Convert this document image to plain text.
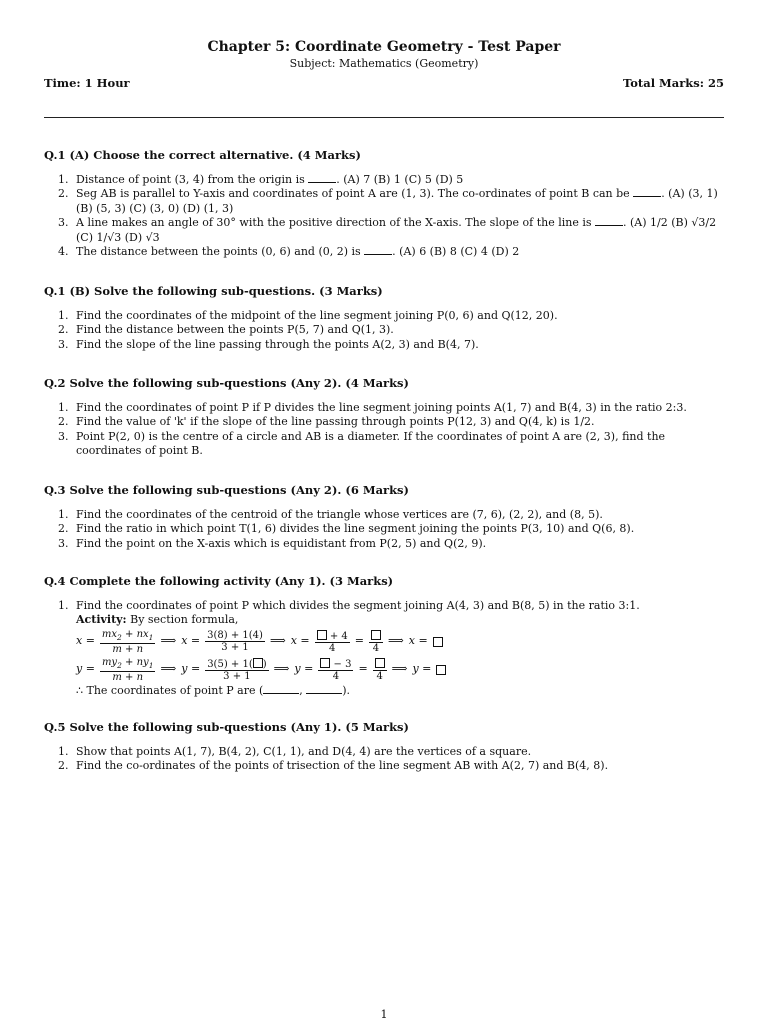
Chapter 5: Coordinate Geometry - Test Paper
Subject: Mathematics (Geometry)
Time: 1 Hour	Total Marks: 25
Q.1 (A) Choose the correct alternative. (4 Marks)
1. Distance of point (3, 4) from the origin is	. (A) 7 (B) 1 (C) 5 (D) 5
2. Seg AB is parallel to Y-axis and coordinates of point A are (1, 3). The co-ordinates of point B can be	. (A) (3, 1) (B) (5, 3) (C) (3, 0) (D) (1, 3)
3. A line makes an angle of 30° with the positive direction of the X-axis. The slope of the line is	. (A) 1/2 (B) √3/2 (C) 1/√3 (D) √3
4. The distance between the points (0, 6) and (0, 2) is	. (A) 6 (B) 8 (C) 4 (D) 2
Q.1 (B) Solve the following sub-questions. (3 Marks)
1. Find the coordinates of the midpoint of the line segment joining P(0, 6) and Q(12, 20).
2. Find the distance between the points P(5, 7) and Q(1, 3).
3. Find the slope of the line passing through the points A(2, 3) and B(4, 7).
Q.2 Solve the following sub-questions (Any 2). (4 Marks)
1. Find the coordinates of point P if P divides the line segment joining points A(1, 7) and B(4, 3) in the ratio 2:3.
2. Find the value of 'k' if the slope of the line passing through points P(12, 3) and Q(4, k) is 1/2.
3. Point P(2, 0) is the centre of a circle and AB is a diameter. If the coordinates of point A are (2, 3), find the coordinates of point B.
Q.3 Solve the following sub-questions (Any 2). (6 Marks)
1. Find the coordinates of the centroid of the triangle whose vertices are (7, 6), (2, 2), and (8, 5).
2. Find the ratio in which point T(1, 6) divides the line segment joining the points P(3, 10) and Q(6, 8).
3. Find the point on the X-axis which is equidistant from P(2, 5) and Q(2, 9).
Q.4 Complete the following activity (Any 1). (3 Marks)
1. Find the coordinates of point P which divides the segment joining A(4, 3) and B(8, 5) in the ratio 3:1.
Activity: By section formula,
$x = \frac{mx_2 + nx_1}{m + n}$ ⟹ $x = \frac{3(8) + 1(4)}{3 + 1}$ ⟹ $x = \frac{+ 4}{4}$ =
4
⟹ x =
$y = \frac{my_2 + ny_1}{m + n}$ ⟹ $y = \frac{3(5) + 1( )}{3 + 1}$ ⟹ $y = \frac{- 3}{4}$ =
4
⟹ y =
∴ The coordinates of point P are (	,	).
Q.5 Solve the following sub-questions (Any 1). (5 Marks)
1. Show that points A(1, 7), B(4, 2), C(1, 1), and D(4, 4) are the vertices of a square.
2. Find the co-ordinates of the points of trisection of the line segment AB with A(2, 7) and B(4, 8).
1
